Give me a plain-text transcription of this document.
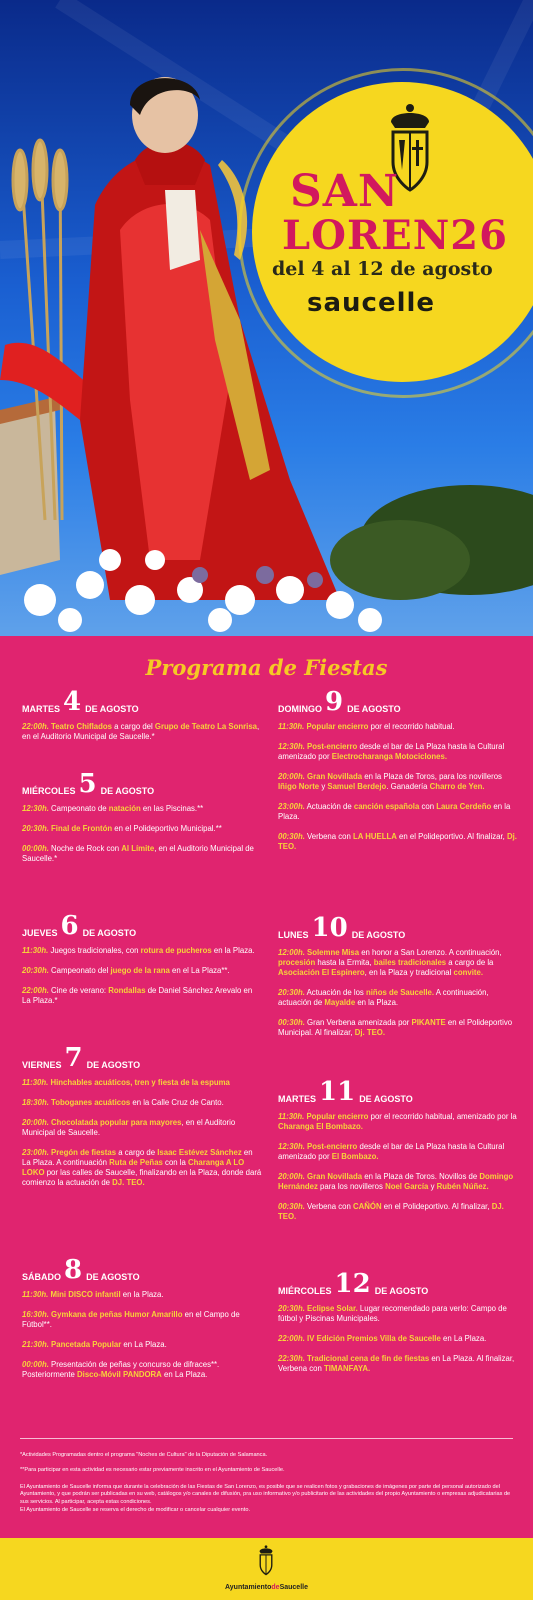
SAN
LOREN26
del 4 al 12 de agosto
saucelle
Programa de Fiestas
MARTES 4 DE AGOSTO
22:00h. Teatro Chiflados a cargo del Grupo de Teatro La Sonrisa, en el Auditorio Municipal de Saucelle.*
MIÉRCOLES 5 DE AGOSTO
12:30h. Campeonato de natación en las Piscinas.**
20:30h. Final de Frontón en el Polideportivo Municipal.**
00:00h. Noche de Rock con Al Límite, en el Auditorio Municipal de Saucelle.*
JUEVES 6 DE AGOSTO
11:30h. Juegos tradicionales, con rotura de pucheros en la Plaza.
20:30h. Campeonato del juego de la rana en el La Plaza**.
22:00h. Cine de verano: Rondallas de Daniel Sánchez Arevalo en La Plaza.*
VIERNES 7 DE AGOSTO
11:30h. Hinchables acuáticos, tren y fiesta de la espuma
18:30h. Toboganes acuáticos en la Calle Cruz de Canto.
20:00h. Chocolatada popular para mayores, en el Auditorio Municipal de Saucelle.
23:00h. Pregón de fiestas a cargo de Isaac Estévez Sánchez en La Plaza. A continuación Ruta de Peñas con la Charanga A LO LOKO por las calles de Saucelle, finalizando en la Plaza, donde dará comienzo la actuación de DJ. TEO.
SÁBADO 8 DE AGOSTO
11:30h. Mini DISCO infantil en la Plaza.
16:30h. Gymkana de peñas Humor Amarillo en el Campo de Fútbol**.
21:30h. Pancetada Popular en La Plaza.
00:00h. Presentación de peñas y concurso de difraces**. Posteriormente Disco-Móvil PANDORA en La Plaza.
DOMINGO 9 DE AGOSTO
11:30h. Popular encierro por el recorrido habitual.
12:30h. Post-encierro desde el bar de La Plaza hasta la Cultural amenizado por Electrocharanga Motociclones.
20:00h. Gran Novillada en la Plaza de Toros, para los novilleros Iñigo Norte y Samuel Berdejo. Ganadería Charro de Yen.
23:00h. Actuación de canción española con Laura Cerdeño en la Plaza.
00:30h. Verbena con LA HUELLA en el Polideportivo. Al finalizar, Dj. TEO.
LUNES 10 DE AGOSTO
12:00h. Solemne Misa en honor a San Lorenzo. A continuación, procesión hasta la Ermita, bailes tradicionales a cargo de la Asociación El Espinero, en la Plaza y tradicional convite.
20:30h. Actuación de los niños de Saucelle. A continuación, actuación de Mayalde en la Plaza.
00:30h. Gran Verbena amenizada por PIKANTE en el Polideportivo Municipal. Al finalizar, Dj. TEO.
MARTES 11 DE AGOSTO
11:30h. Popular encierro por el recorrido habitual, amenizado por la Charanga El Bombazo.
12:30h. Post-encierro desde el bar de La Plaza hasta la Cultural amenizado por El Bombazo.
20:00h. Gran Novillada en la Plaza de Toros. Novillos de Domingo Hernández para los novilleros Noel García y Rubén Núñez.
00:30h. Verbena con CAÑÓN en el Polideportivo. Al finalizar, DJ. TEO.
MIÉRCOLES 12 DE AGOSTO
20:30h. Eclipse Solar. Lugar recomendado para verlo: Campo de fútbol y Piscinas Municipales.
22:00h. IV Edición Premios Villa de Saucelle en La Plaza.
22:30h. Tradicional cena de fin de fiestas en La Plaza. Al finalizar, Verbena con TIMANFAYA.
*Actividades Programadas dentro el programa "Noches de Cultura" de la Diputación de Salamanca.
**Para participar en esta actividad es necesario estar previamente inscrito en el Ayuntamiento de Saucelle.
El Ayuntamiento de Saucelle informa que durante la celebración de las Fiestas de San Lorenzo, es posible que se realicen fotos y grabaciones de imágenes por parte del personal autorizado del Ayuntamiento, y que podrán ser publicadas en su web, catálogos y/o canales de difusión, pra uso informativo y/o publicitario de las actividades del propio Ayuntamiento o empresas adjudicatarias de sus servicios. Al participar, acepta estas condiciones.
El Ayuntamiento de Saucelle se reserva el derecho de modificar o cancelar cualquier evento.
AyuntamientodeSaucelle
